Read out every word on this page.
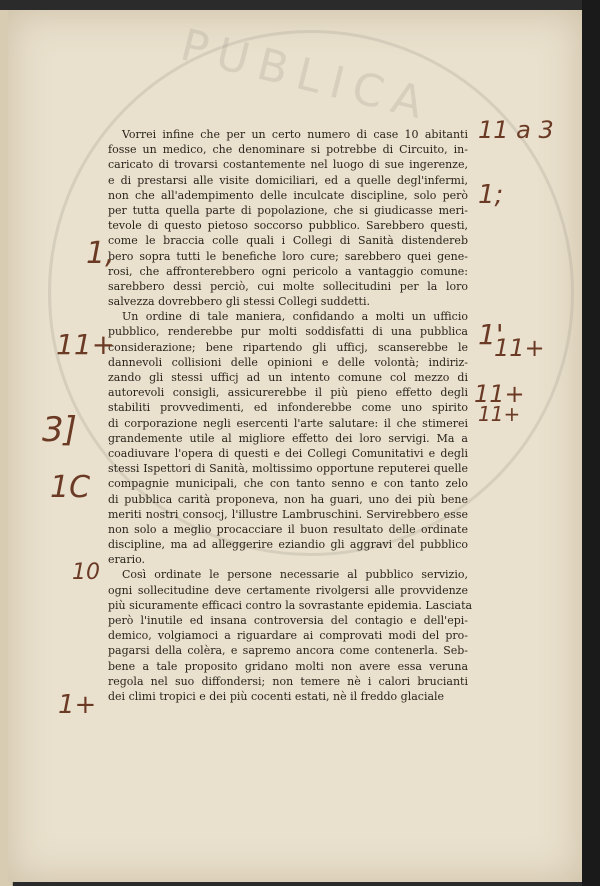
PUBLICA
Vorrei infine che per un certo numero di case 10 abitanti
fosse un medico, che denominare si potrebbe di Circuito, in-
caricato di trovarsi costantemente nel luogo di sue ingerenze,
e di prestarsi alle visite domiciliari, ed a quelle degl'infermi,
non che all'adempimento delle inculcate discipline, solo però
per tutta quella parte di popolazione, che si giudicasse meri-
tevole di questo pietoso soccorso pubblico. Sarebbero questi,
come le braccia colle quali i Collegi di Sanità distendereb
bero sopra tutti le benefiche loro cure; sarebbero quei gene-
rosi, che affronterebbero ogni pericolo a vantaggio comune:
sarebbero dessi perciò, cui molte sollecitudini per la loro
salvezza dovrebbero gli stessi Collegi suddetti.
Un ordine di tale maniera, confidando a molti un ufficio
pubblico, renderebbe pur molti soddisfatti di una pubblica
considerazione; bene ripartendo gli ufficj, scanserebbe le
dannevoli collisioni delle opinioni e delle volontà; indiriz-
zando gli stessi ufficj ad un intento comune col mezzo di
autorevoli consigli, assicurerebbe il più pieno effetto degli
stabiliti provvedimenti, ed infonderebbe come uno spirito
di corporazione negli esercenti l'arte salutare: il che stimerei
grandemente utile al migliore effetto dei loro servigi. Ma a
coadiuvare l'opera di questi e dei Collegi Comunitativi e degli
stessi Ispettori di Sanità, moltissimo opportune reputerei quelle
compagnie municipali, che con tanto senno e con tanto zelo
di pubblica carità proponeva, non ha guari, uno dei più bene
meriti nostri consocj, l'illustre Lambruschini. Servirebbero esse
non solo a meglio procacciare il buon resultato delle ordinate
discipline, ma ad alleggerire eziandio gli aggravi del pubblico
erario.
Così ordinate le persone necessarie al pubblico servizio,
ogni sollecitudine deve certamente rivolgersi alle provvidenze
più sicuramente efficaci contro la sovrastante epidemia. Lasciata
però l'inutile ed insana controversia del contagio e dell'epi-
demico, volgiamoci a riguardare ai comprovati modi del pro-
pagarsi della colèra, e sapremo ancora come contenerla. Seb-
bene a tale proposito gridano molti non avere essa veruna
regola nel suo diffondersi; non temere nè i calori brucianti
dei climi tropici e dei più cocenti estati, nè il freddo glaciale
11 a 3
1;
1,
11+	1'
11+
11+
11+
3]
1C
10
1+
